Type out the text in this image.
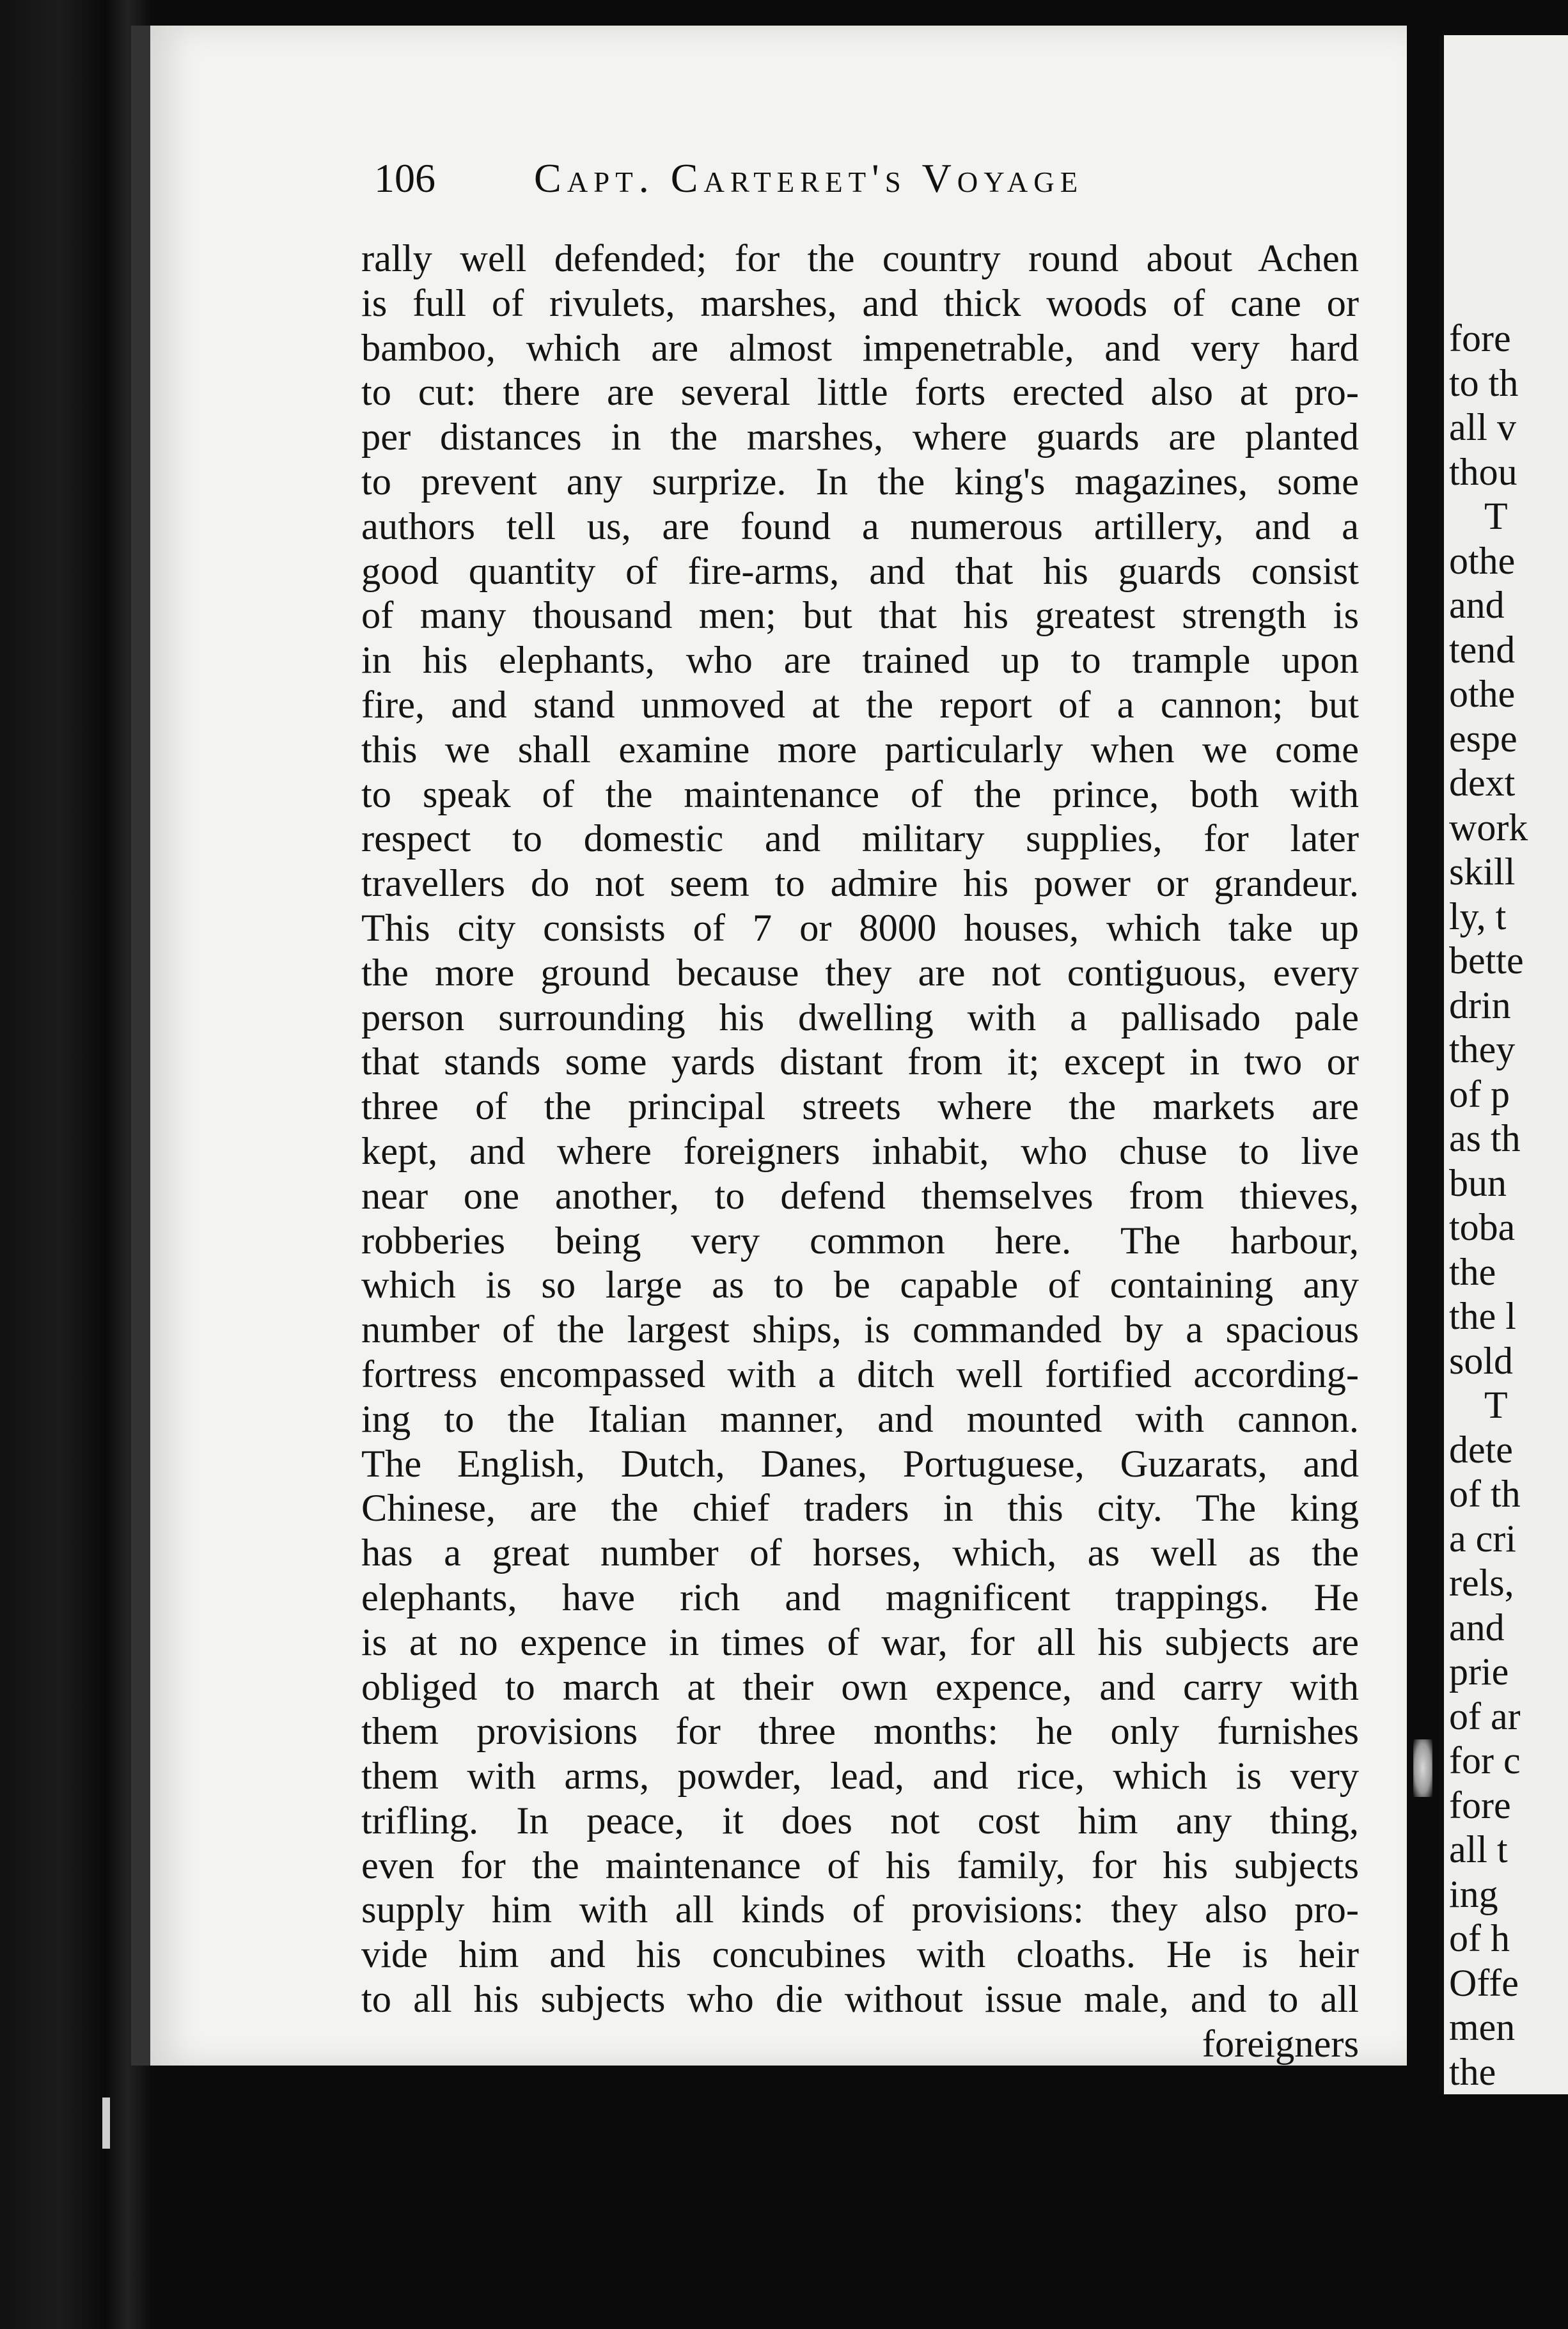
106 Capt. Carteret's Voyage
rally well defended; for the country round about Achen
is full of rivulets, marshes, and thick woods of cane or
bamboo, which are almost impenetrable, and very hard
to cut: there are several little forts erected also at pro-
per distances in the marshes, where guards are planted
to prevent any surprize. In the king's magazines, some
authors tell us, are found a numerous artillery, and a
good quantity of fire-arms, and that his guards consist
of many thousand men; but that his greatest strength is
in his elephants, who are trained up to trample upon
fire, and stand unmoved at the report of a cannon; but
this we shall examine more particularly when we come
to speak of the maintenance of the prince, both with
respect to domestic and military supplies, for later
travellers do not seem to admire his power or grandeur.
This city consists of 7 or 8000 houses, which take up
the more ground because they are not contiguous, every
person surrounding his dwelling with a pallisado pale
that stands some yards distant from it; except in two or
three of the principal streets where the markets are
kept, and where foreigners inhabit, who chuse to live
near one another, to defend themselves from thieves,
robberies being very common here. The harbour,
which is so large as to be capable of containing any
number of the largest ships, is commanded by a spacious
fortress encompassed with a ditch well fortified according-
ing to the Italian manner, and mounted with cannon.
The English, Dutch, Danes, Portuguese, Guzarats, and
Chinese, are the chief traders in this city. The king
has a great number of horses, which, as well as the
elephants, have rich and magnificent trappings. He
is at no expence in times of war, for all his subjects are
obliged to march at their own expence, and carry with
them provisions for three months: he only furnishes
them with arms, powder, lead, and rice, which is very
trifling. In peace, it does not cost him any thing,
even for the maintenance of his family, for his subjects
supply him with all kinds of provisions: they also pro-
vide him and his concubines with cloaths. He is heir
to all his subjects who die without issue male, and to all
foreigners
fore
to th
all v
thou
T
othe
and
tend
othe
espe
dext
work
skill
ly, t
bette
drin
they
of p
as th
bun
toba
the
the l
sold
T
dete
of th
a cri
rels,
and
prie
of ar
for c
fore
all t
ing
of h
Offe
men
the
